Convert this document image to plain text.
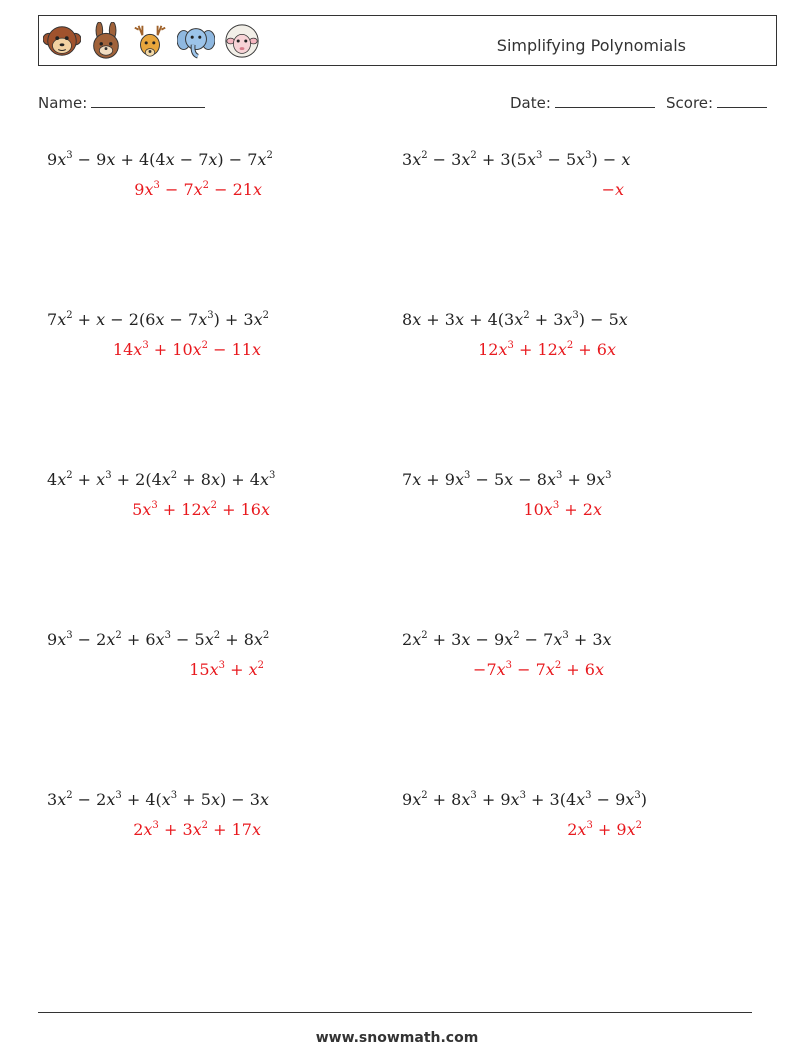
Simplifying Polynomials
Name:	Date:	Score:
$9x^3 - 9x + 4(4x - 7x) - 7x^2$
$9x^3 - 7x^2 - 21x$
$3x^2 - 3x^2 + 3(5x^3 - 5x^3) - x$
−x
$7x^2 + x - 2(6x - 7x^3) + 3x^2$
$14x^3 + 10x^2 - 11x$
$8x + 3x + 4(3x^2 + 3x^3) - 5x$
$12x^3 + 12x^2 + 6x$
$4x^2 + x^3 + 2(4x^2 + 8x) + 4x^3$
$5x^3 + 12x^2 + 16x$
$7x + 9x^3 - 5x - 8x^3 + 9x^3$
$10x^3 + 2x$
$9x^3 - 2x^2 + 6x^3 - 5x^2 + 8x^2$
$15x^3 + x^2$
$2x^2 + 3x - 9x^2 - 7x^3 + 3x$
$-7x^3 - 7x^2 + 6x$
$3x^2 - 2x^3 + 4(x^3 + 5x) - 3x$
$2x^3 + 3x^2 + 17x$
$9x^2 + 8x^3 + 9x^3 + 3(4x^3 - 9x^3)$
$2x^3 + 9x^2$
www.snowmath.com
